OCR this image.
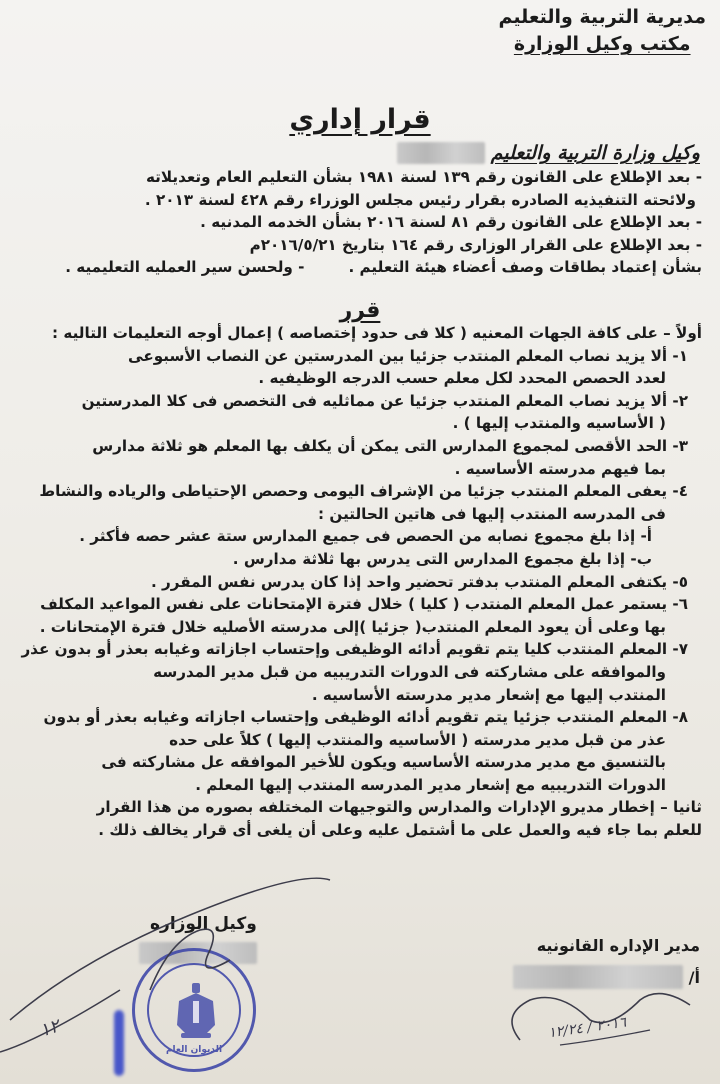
مديرية التربية والتعليم
مكتب وكيل الوزارة
قرار إداري
وكيل وزارة التربية والتعليم

- بعد الإطلاع على القانون رقم ١٣٩ لسنة ١٩٨١ بشأن التعليم العام وتعديلاته

ولائحته التنفيذيه الصادره بقرار رئيس مجلس الوزراء رقم ٤٢٨ لسنة ٢٠١٣ .

- بعد الإطلاع على القانون رقم ٨١ لسنة ٢٠١٦ بشأن الخدمه المدنيه .

- بعد الإطلاع على القرار الوزارى رقم ١٦٤ بتاريخ ٢٠١٦/٥/٢١م

بشأن إعتماد بطاقات وصف أعضاء هيئة التعليم .
- ولحسن سير العمليه التعليميه .
قرر

أولاً – على كافة الجهات المعنيه ( كلا فى حدود إختصاصه ) إعمال أوجه التعليمات التاليه :

١- ألا يزيد نصاب المعلم المنتدب جزئيا بين المدرستين عن النصاب الأسبوعى

لعدد الحصص المحدد لكل معلم حسب الدرجه الوظيفيه .

٢- ألا يزيد نصاب المعلم المنتدب جزئيا عن مماثليه فى التخصص فى كلا المدرستين

( الأساسيه والمنتدب إليها ) .

٣- الحد الأقصى لمجموع المدارس التى يمكن أن يكلف بها المعلم هو ثلاثة مدارس

بما فيهم مدرسته الأساسيه .

٤- يعفى المعلم المنتدب جزئيا من الإشراف اليومى وحصص الإحتياطى والرياده والنشاط

فى المدرسه المنتدب إليها فى هاتين الحالتين :

أ- إذا بلغ مجموع نصابه من الحصص فى جميع المدارس ستة عشر حصه فأكثر .

ب- إذا بلغ مجموع المدارس التى يدرس بها ثلاثة مدارس .

٥- يكتفى المعلم المنتدب بدفتر تحضير واحد إذا كان يدرس نفس المقرر .

٦- يستمر عمل المعلم المنتدب ( كليا ) خلال فترة الإمتحانات على نفس المواعيد المكلف

بها وعلى أن يعود المعلم المنتدب( جزئيا )إلى مدرسته الأصليه خلال فترة الإمتحانات .

٧- المعلم المنتدب كليا يتم تقويم أدائه الوظيفى وإحتساب اجازاته وغيابه بعذر أو بدون عذر

والموافقه على مشاركته فى الدورات التدريبيه من قبل مدير المدرسه

المنتدب إليها مع إشعار مدير مدرسته الأساسيه .

٨- المعلم المنتدب جزئيا يتم تقويم أدائه الوظيفى وإحتساب اجازاته وغيابه بعذر أو بدون

عذر من قبل مدير مدرسته ( الأساسيه والمنتدب إليها ) كلاً على حده

بالتنسيق مع مدير مدرسته الأساسيه ويكون للأخير الموافقه عل مشاركته فى

الدورات التدريبيه مع إشعار مدير المدرسه المنتدب إليها المعلم .

ثانيا – إخطار مديرو الإدارات والمدارس والتوجيهات المختلفه بصوره من هذا القرار

للعلم بما جاء فيه والعمل على ما أشتمل عليه وعلى أن يلغى أى قرار يخالف ذلك .

وكيل الوزاره
مدير الإداره القانونيه
أ/
الديوان العام
١٢	٢٠١٦ / ١٢/٢٤
